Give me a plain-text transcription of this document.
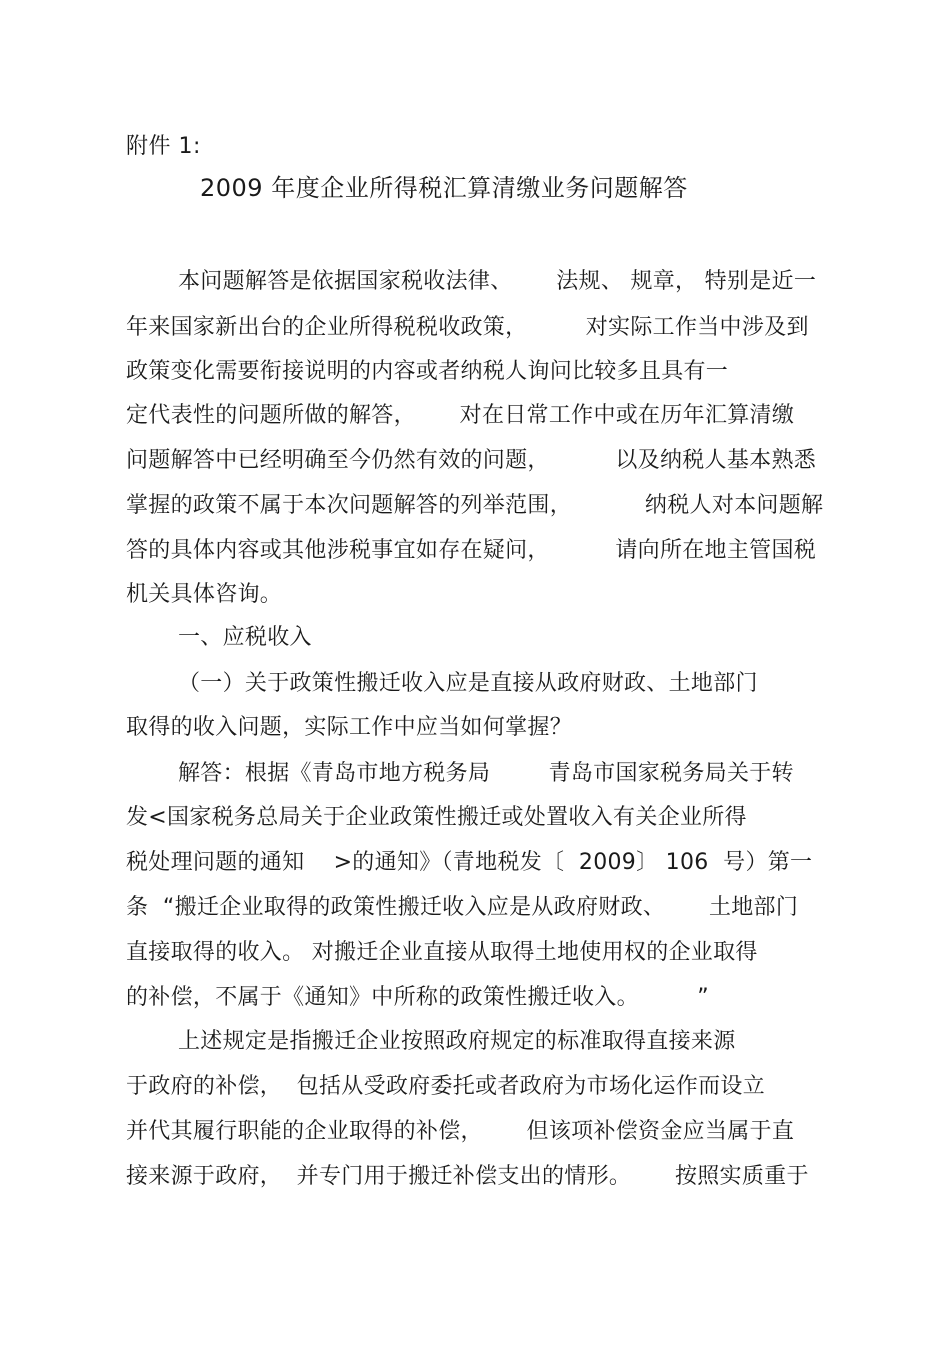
附件 1:
2009 年度企业所得税汇算清缴业务问题解答
本问题解答是依据国家税收法律、      法规、 规章， 特别是近一
年来国家新出台的企业所得税税收政策，        对实际工作当中涉及到
政策变化需要衔接说明的内容或者纳税人询问比较多且具有一
定代表性的问题所做的解答，      对在日常工作中或在历年汇算清缴
问题解答中已经明确至今仍然有效的问题，         以及纳税人基本熟悉
掌握的政策不属于本次问题解答的列举范围，          纳税人对本问题解
答的具体内容或其他涉税事宜如存在疑问，         请向所在地主管国税
机关具体咨询。
一、应税收入
（一）关于政策性搬迁收入应是直接从政府财政、土地部门
取得的收入问题，实际工作中应当如何掌握？
解答：根据《青岛市地方税务局        青岛市国家税务局关于转
发<国家税务总局关于企业政策性搬迁或处置收入有关企业所得
税处理问题的通知    >的通知》（青地税发〔  2009〕 106  号）第一
条  “搬迁企业取得的政策性搬迁收入应是从政府财政、      土地部门
直接取得的收入。 对搬迁企业直接从取得土地使用权的企业取得
的补偿，不属于《通知》中所称的政策性搬迁收入。        ”
上述规定是指搬迁企业按照政府规定的标准取得直接来源
于政府的补偿，  包括从受政府委托或者政府为市场化运作而设立
并代其履行职能的企业取得的补偿，      但该项补偿资金应当属于直
接来源于政府，  并专门用于搬迁补偿支出的情形。      按照实质重于
